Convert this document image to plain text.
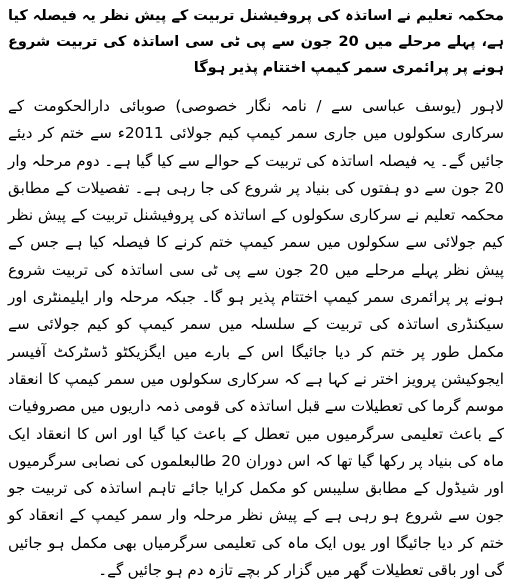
محکمہ تعلیم نے اساتذہ کی پروفیشنل تربیت کے پیش نظر یہ فیصلہ کیا ہے، پہلے مرحلے میں 20 جون سے پی ٹی سی اساتذہ کی تربیت شروع ہونے پر پرائمری سمر کیمپ اختتام پذیر ہوگا

لاہور (یوسف عباسی سے / نامہ نگار خصوصی) صوبائی دارالحکومت کے سرکاری سکولوں میں جاری سمر کیمپ کیم جولائی 2011ء سے ختم کر دیئے جائیں گے۔ یہ فیصلہ اساتذہ کی تربیت کے حوالے سے کیا گیا ہے۔ دوم مرحلہ وار 20 جون سے دو ہفتوں کی بنیاد پر شروع کی جا رہی ہے۔ تفصیلات کے مطابق محکمہ تعلیم نے سرکاری سکولوں کے اساتذہ کی پروفیشنل تربیت کے پیش نظر کیم جولائی سے سکولوں میں سمر کیمپ ختم کرنے کا فیصلہ کیا ہے جس کے پیش نظر پہلے مرحلے میں 20 جون سے پی ٹی سی اساتذہ کی تربیت شروع ہونے پر پرائمری سمر کیمپ اختتام پذیر ہو گا۔ جبکہ مرحلہ وار ایلیمنٹری اور سیکنڈری اساتذہ کی تربیت کے سلسلہ میں سمر کیمپ کو کیم جولائی سے مکمل طور پر ختم کر دیا جائیگا اس کے بارے میں ایگزیکٹو ڈسٹرکٹ آفیسر ایجوکیشن پرویز اختر نے کہا ہے کہ سرکاری سکولوں میں سمر کیمپ کا انعقاد موسم گرما کی تعطیلات سے قبل اساتذہ کی قومی ذمہ داریوں میں مصروفیات کے باعث تعلیمی سرگرمیوں میں تعطل کے باعث کیا گیا اور اس کا انعقاد ایک ماہ کی بنیاد پر رکھا گیا تھا کہ اس دوران 20 طالبعلموں کی نصابی سرگرمیوں اور شیڈول کے مطابق سلیبس کو مکمل کرایا جائے تاہم اساتذہ کی تربیت جو جون سے شروع ہو رہی ہے کے پیش نظر مرحلہ وار سمر کیمپ کے انعقاد کو ختم کر دیا جائیگا اور یوں ایک ماہ کی تعلیمی سرگرمیاں بھی مکمل ہو جائیں گی اور باقی تعطیلات گھر میں گزار کر بچے تازہ دم ہو جائیں گے۔
